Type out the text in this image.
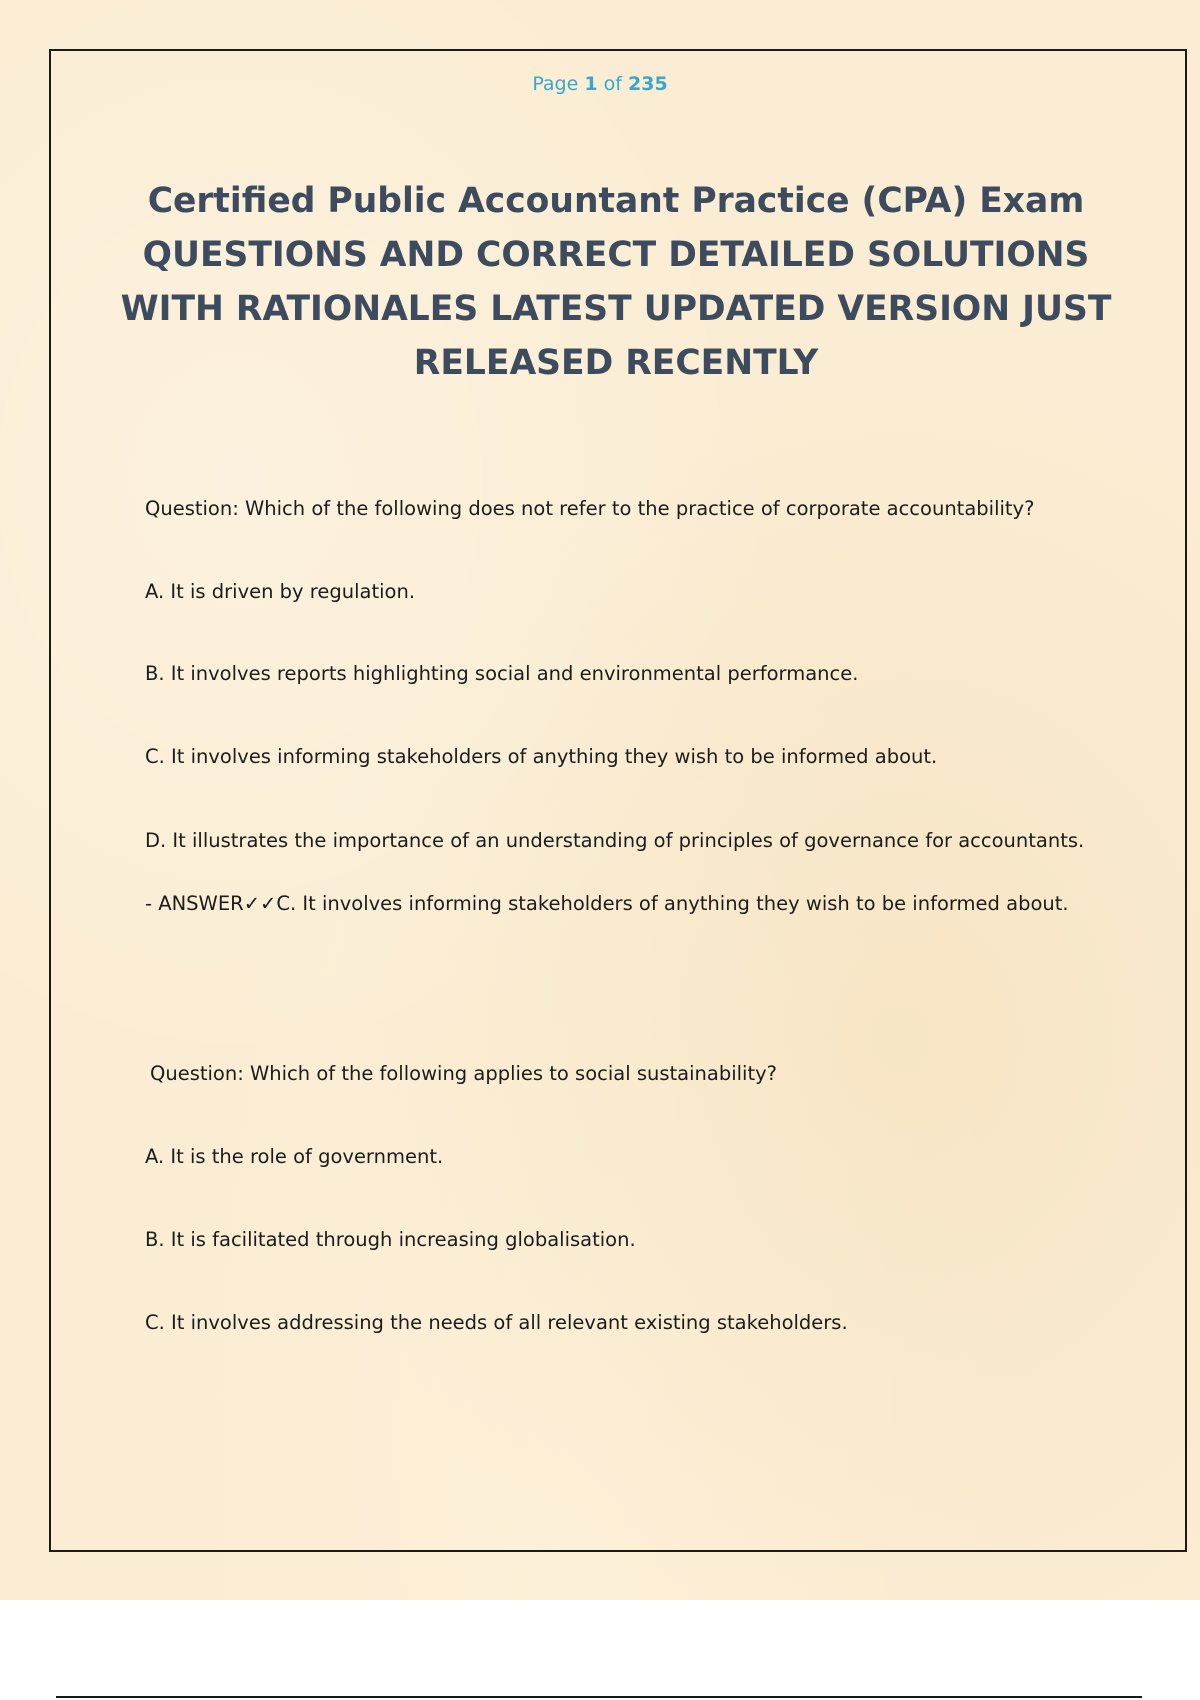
Page 1 of 235
Certified Public Accountant Practice (CPA) Exam QUESTIONS AND CORRECT DETAILED SOLUTIONS WITH RATIONALES LATEST UPDATED VERSION JUST RELEASED RECENTLY
Question: Which of the following does not refer to the practice of corporate accountability?
A. It is driven by regulation.
B. It involves reports highlighting social and environmental performance.
C. It involves informing stakeholders of anything they wish to be informed about.
D. It illustrates the importance of an understanding of principles of governance for accountants.
- ANSWER✓✓C. It involves informing stakeholders of anything they wish to be informed about.
Question: Which of the following applies to social sustainability?
A. It is the role of government.
B. It is facilitated through increasing globalisation.
C. It involves addressing the needs of all relevant existing stakeholders.
